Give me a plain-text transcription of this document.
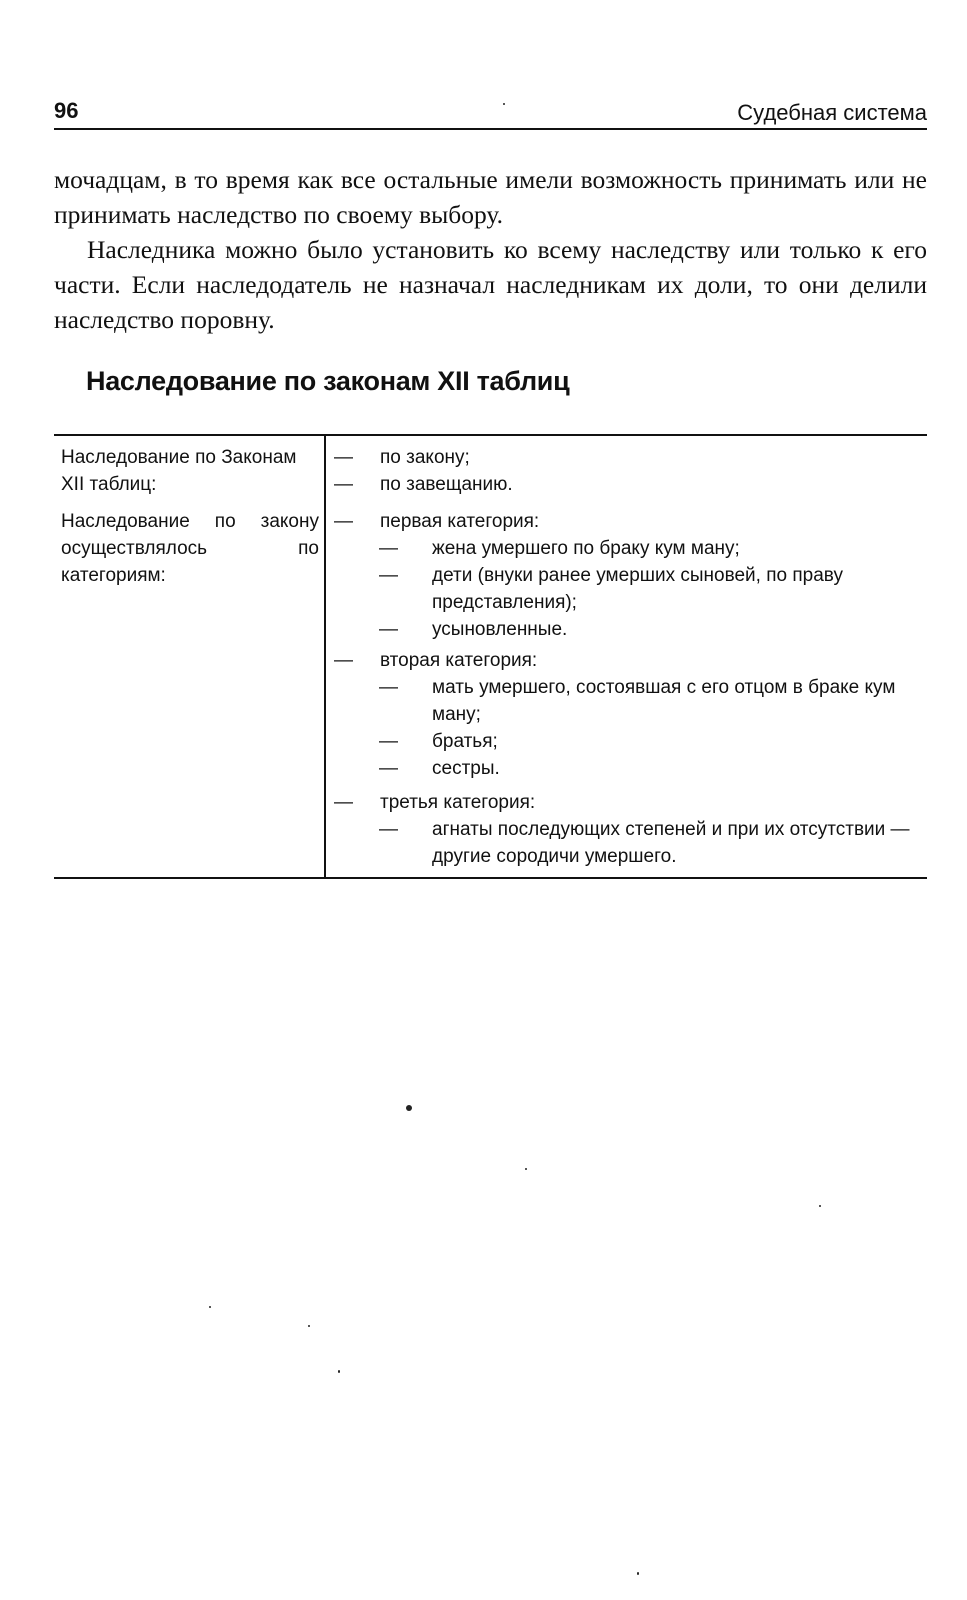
96	Судебная система

мочадцам, в то время как все остальные имели возможность принимать или не принимать наследство по своему выбору.

Наследника можно было установить ко всему наследству или только к его части. Если наследодатель не назначал наследникам их доли, то они делили наследство поровну.

Наследование по законам XII таблиц
Наследование по Законам XII таблиц:
— по закону;
— по завещанию.
Наследование по закону осуществлялось по категориям:
— первая категория:
— жена умершего по браку кум ману;
— дети (внуки ранее умерших сыновей, по праву представления);
— усыновленные.
— вторая категория:
— мать умершего, состоявшая с его отцом в браке кум ману;
— братья;
— сестры.
— третья категория:
— агнаты последующих степеней и при их отсутствии — другие сородичи умершего.
